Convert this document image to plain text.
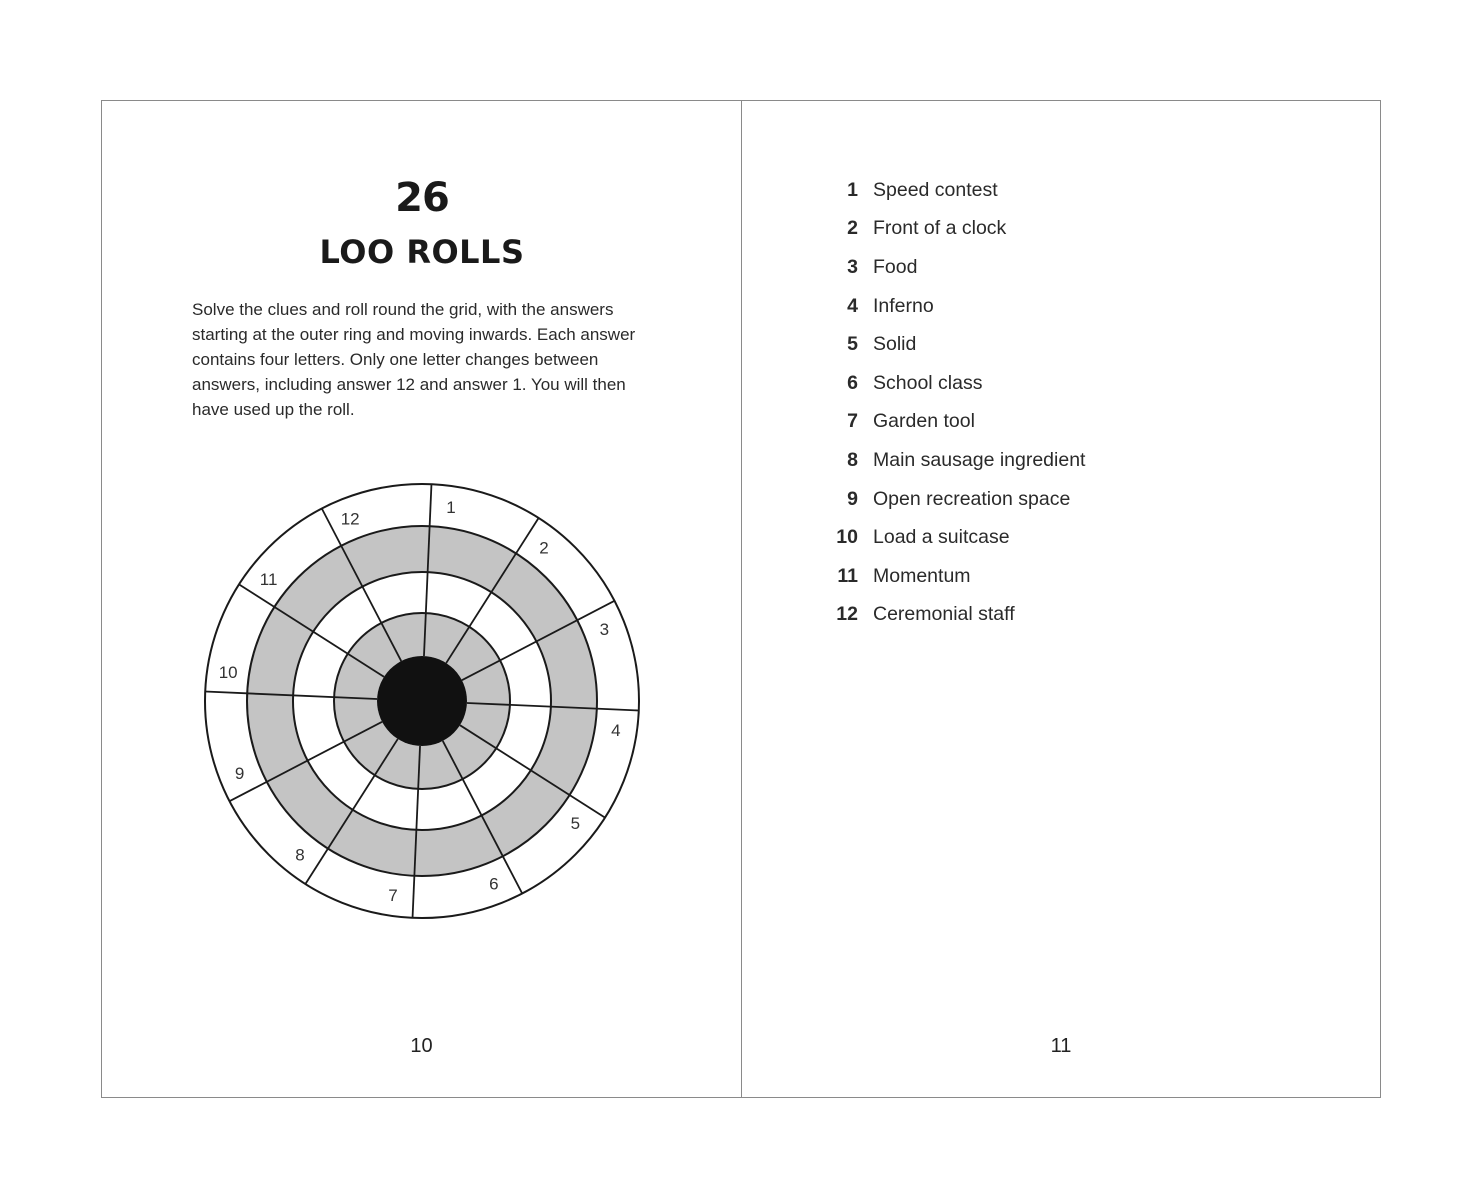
26
LOO ROLLS

Solve the clues and roll round the grid, with the answers starting at the outer ring and moving inwards. Each answer contains four letters. Only one letter changes between answers, including answer 12 and answer 1. You will then have used up the roll.

1
2
3
4
5
6
7
8
9
10
11
12
10
1 Speed contest
2 Front of a clock
3 Food
4 Inferno
5 Solid
6 School class
7 Garden tool
8 Main sausage ingredient
9 Open recreation space
10 Load a suitcase
11 Momentum
12 Ceremonial staff
11
